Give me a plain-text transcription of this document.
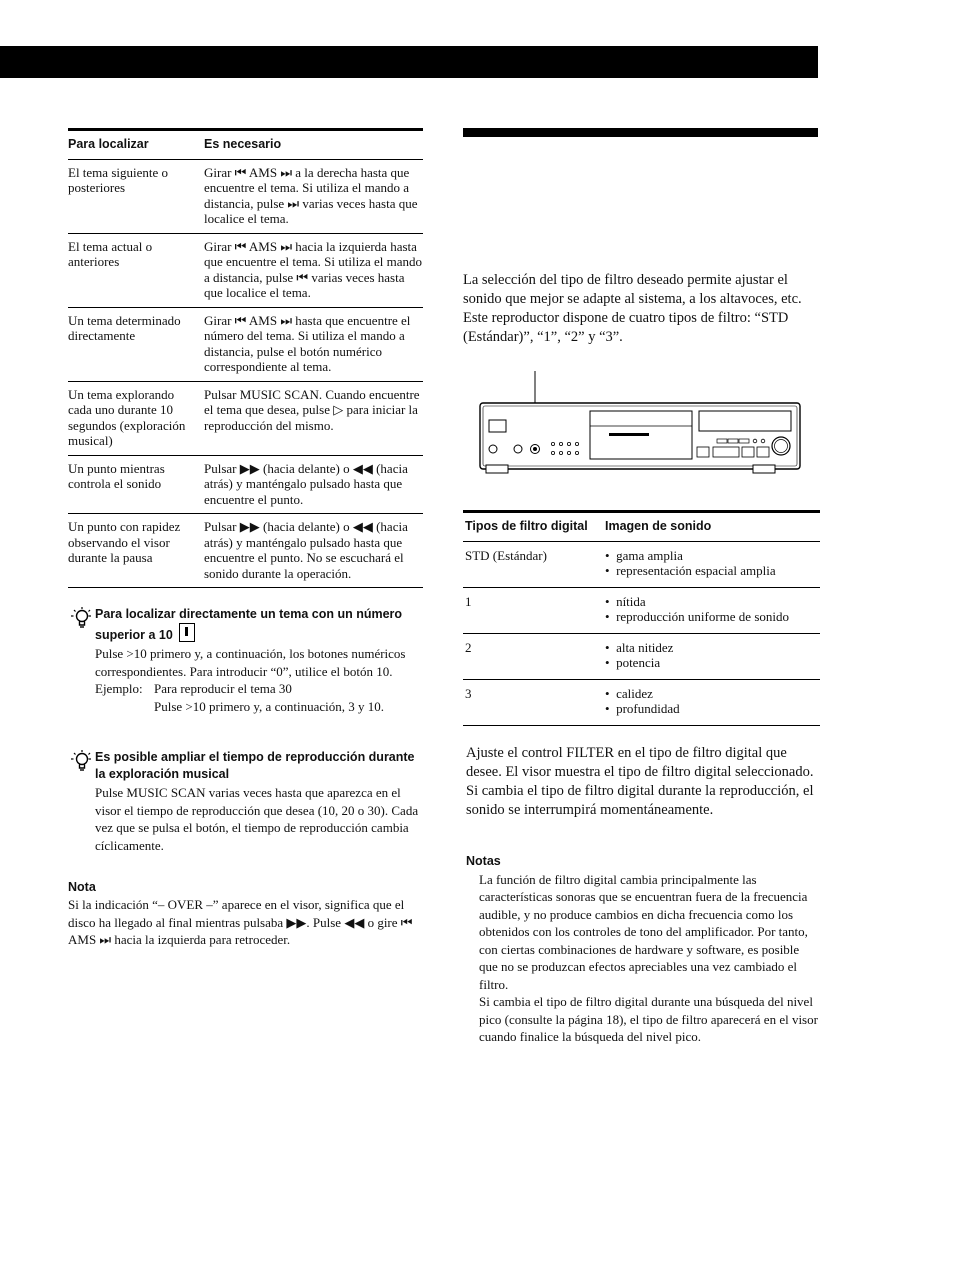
Para localizar	Es necesario
El tema siguiente o posteriores	Girar ⏮ AMS ⏭ a la derecha hasta que encuentre el tema. Si utiliza el mando a distancia, pulse ⏭ varias veces hasta que localice el tema.
El tema actual o anteriores	Girar ⏮ AMS ⏭ hacia la izquierda hasta que encuentre el tema. Si utiliza el mando a distancia, pulse ⏮ varias veces hasta que localice el tema.
Un tema determinado directamente	Girar ⏮ AMS ⏭ hasta que encuentre el número del tema. Si utiliza el mando a distancia, pulse el botón numérico correspondiente al tema.
Un tema explorando cada uno durante 10 segundos (exploración musical)	Pulsar MUSIC SCAN. Cuando encuentre el tema que desea, pulse ▷ para iniciar la reproducción del mismo.
Un punto mientras controla el sonido	Pulsar ▶▶ (hacia delante) o ◀◀ (hacia atrás) y manténgalo pulsado hasta que encuentre el punto.
Un punto con rapidez observando el visor durante la pausa	Pulsar ▶▶ (hacia delante) o ◀◀ (hacia atrás) y manténgalo pulsado hasta que encuentre el punto. No se escuchará el sonido durante la operación.
Para localizar directamente un tema con un número superior a 10
Pulse >10 primero y, a continuación, los botones numéricos correspondientes. Para introducir “0”, utilice el botón 10.
Ejemplo: Para reproducir el tema 30
Pulse >10 primero y, a continuación, 3 y 10.
Es posible ampliar el tiempo de reproducción durante la exploración musical
Pulse MUSIC SCAN varias veces hasta que aparezca en el visor el tiempo de reproducción que desea (10, 20 o 30). Cada vez que se pulsa el botón, el tiempo de reproducción cambia cíclicamente.
Nota
Si la indicación “– OVER –” aparece en el visor, significa que el disco ha llegado al final mientras pulsaba ▶▶. Pulse ◀◀ o gire ⏮ AMS ⏭ hacia la izquierda para retroceder.
La selección del tipo de filtro deseado permite ajustar el sonido que mejor se adapte al sistema, a los altavoces, etc.
Este reproductor dispone de cuatro tipos de filtro: “STD (Estándar)”, “1”, “2” y “3”.
Tipos de filtro digital	Imagen de sonido
STD (Estándar)	•  gama amplia
•  representación espacial amplia

1	•  nítida
•  reproducción uniforme de sonido

2	•  alta nitidez
•  potencia

3	•  calidez
•  profundidad
Ajuste el control FILTER en el tipo de filtro digital que desee. El visor muestra el tipo de filtro digital seleccionado.
Si cambia el tipo de filtro digital durante la reproducción, el sonido se interrumpirá momentáneamente.
Notas
La función de filtro digital cambia principalmente las características sonoras que se encuentran fuera de la frecuencia audible, y no produce cambios en dicha frecuencia como los obtenidos con los controles de tono del amplificador. Por tanto, con ciertas combinaciones de hardware y software, es posible que no se produzcan efectos apreciables una vez cambiado el filtro.
Si cambia el tipo de filtro digital durante una búsqueda del nivel pico (consulte la página 18), el tipo de filtro aparecerá en el visor cuando finalice la búsqueda del nivel pico.
